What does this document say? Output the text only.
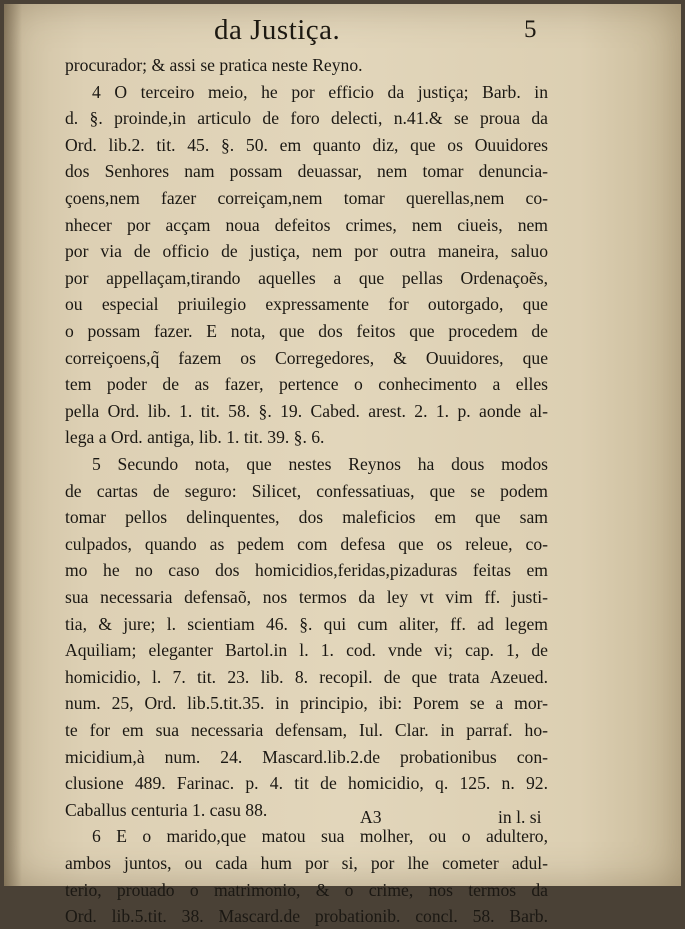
da Justiça.	5
procurador; & assi se pratica neste Reyno.
4 O terceiro meio, he por efficio da justiça; Barb. in
d. §. proinde,in articulo de foro delecti, n.41.& se proua da
Ord. lib.2. tit. 45. §. 50. em quanto diz, que os Ouuidores
dos Senhores nam possam deuassar, nem tomar denuncia-
çoens,nem fazer correiçam,nem tomar querellas,nem co-
nhecer por acçam noua defeitos crimes, nem ciueis, nem
por via de officio de justiça, nem por outra maneira, saluo
por appellaçam,tirando aquelles a que pellas Ordenaçoẽs,
ou especial priuilegio expressamente for outorgado, que
o possam fazer. E nota, que dos feitos que procedem de
correiçoens,q̃ fazem os Corregedores, & Ouuidores, que
tem poder de as fazer, pertence o conhecimento a elles
pella Ord. lib. 1. tit. 58. §. 19. Cabed. arest. 2. 1. p. aonde al-
lega a Ord. antiga, lib. 1. tit. 39. §. 6.
5 Secundo nota, que nestes Reynos ha dous modos
de cartas de seguro: Silicet, confessatiuas, que se podem
tomar pellos delinquentes, dos maleficios em que sam
culpados, quando as pedem com defesa que os releue, co-
mo he no caso dos homicidios,feridas,pizaduras feitas em
sua necessaria defensaõ, nos termos da ley vt vim ff. justi-
tia, & jure; l. scientiam 46. §. qui cum aliter, ff. ad legem
Aquiliam; eleganter Bartol.in l. 1. cod. vnde vi; cap. 1, de
homicidio, l. 7. tit. 23. lib. 8. recopil. de que trata Azeued.
num. 25, Ord. lib.5.tit.35. in principio, ibi: Porem se a mor-
te for em sua necessaria defensam, Iul. Clar. in parraf. ho-
micidium,à num. 24. Mascard.lib.2.de probationibus con-
clusione 489. Farinac. p. 4. tit de homicidio, q. 125. n. 92.
Caballus centuria 1. casu 88.
6 E o marido,que matou sua molher, ou o adultero,
ambos juntos, ou cada hum por si, por lhe cometer adul-
terio, prouado o matrimonio, & o crime, nos termos da
Ord. lib.5.tit. 38. Mascard.de probationib. concl. 58. Barb.
A3	in l. si
